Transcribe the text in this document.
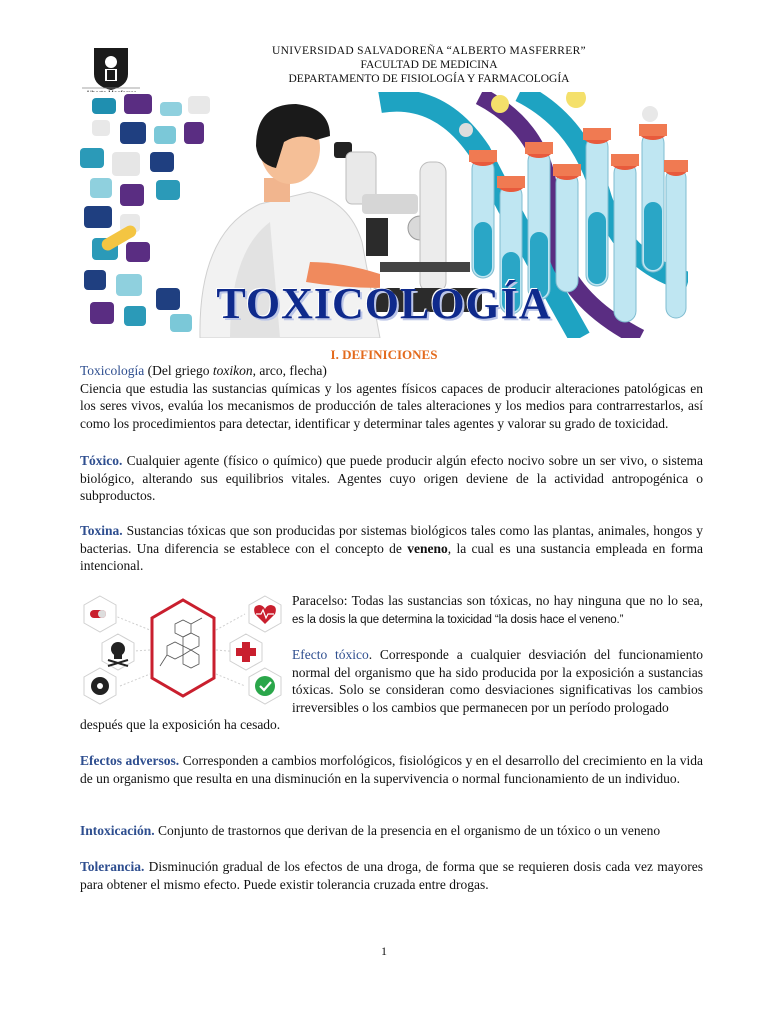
UNIVERSIDAD SALVADOREÑA “ALBERTO MASFERRER”
FACULTAD DE MEDICINA
DEPARTAMENTO DE FISIOLOGÍA Y FARMACOLOGÍA
TOXICOLOGÍA
I. DEFINICIONES
Toxicología (Del griego toxikon, arco, flecha)
Ciencia que estudia las sustancias químicas y los agentes físicos capaces de producir alteraciones patológicas en los seres vivos, evalúa los mecanismos de producción de tales alteraciones y los medios para contrarrestarlos, así como los procedimientos para detectar, identificar y determinar tales agentes y valorar su grado de toxicidad.
Tóxico. Cualquier agente (físico o químico) que puede producir algún efecto nocivo sobre un ser vivo, o sistema biológico, alterando sus equilibrios vitales. Agentes cuyo origen deviene de la actividad antropogénica o subproductos.
Toxina. Sustancias tóxicas que son producidas por sistemas biológicos tales como las plantas, animales, hongos y bacterias. Una diferencia se establece con el concepto de veneno, la cual es una sustancia empleada en forma intencional.
Paracelso: Todas las sustancias son tóxicas, no hay ninguna que no lo sea, es la dosis la que determina la toxicidad “la dosis hace el veneno.”
Efecto tóxico. Corresponde a cualquier desviación del funcionamiento normal del organismo que ha sido producida por la exposición a sustancias tóxicas. Solo se consideran como desviaciones significativas los cambios irreversibles o los cambios que permanecen por un período prologado
después que la exposición ha cesado.
Efectos adversos. Corresponden a cambios morfológicos, fisiológicos y en el desarrollo del crecimiento en la vida de un organismo que resulta en una disminución en la supervivencia o normal funcionamiento de un individuo.
Intoxicación. Conjunto de trastornos que derivan de la presencia en el organismo de un tóxico o un veneno
Tolerancia. Disminución gradual de los efectos de una droga, de forma que se requieren dosis cada vez mayores para obtener el mismo efecto. Puede existir tolerancia cruzada entre drogas.
1
